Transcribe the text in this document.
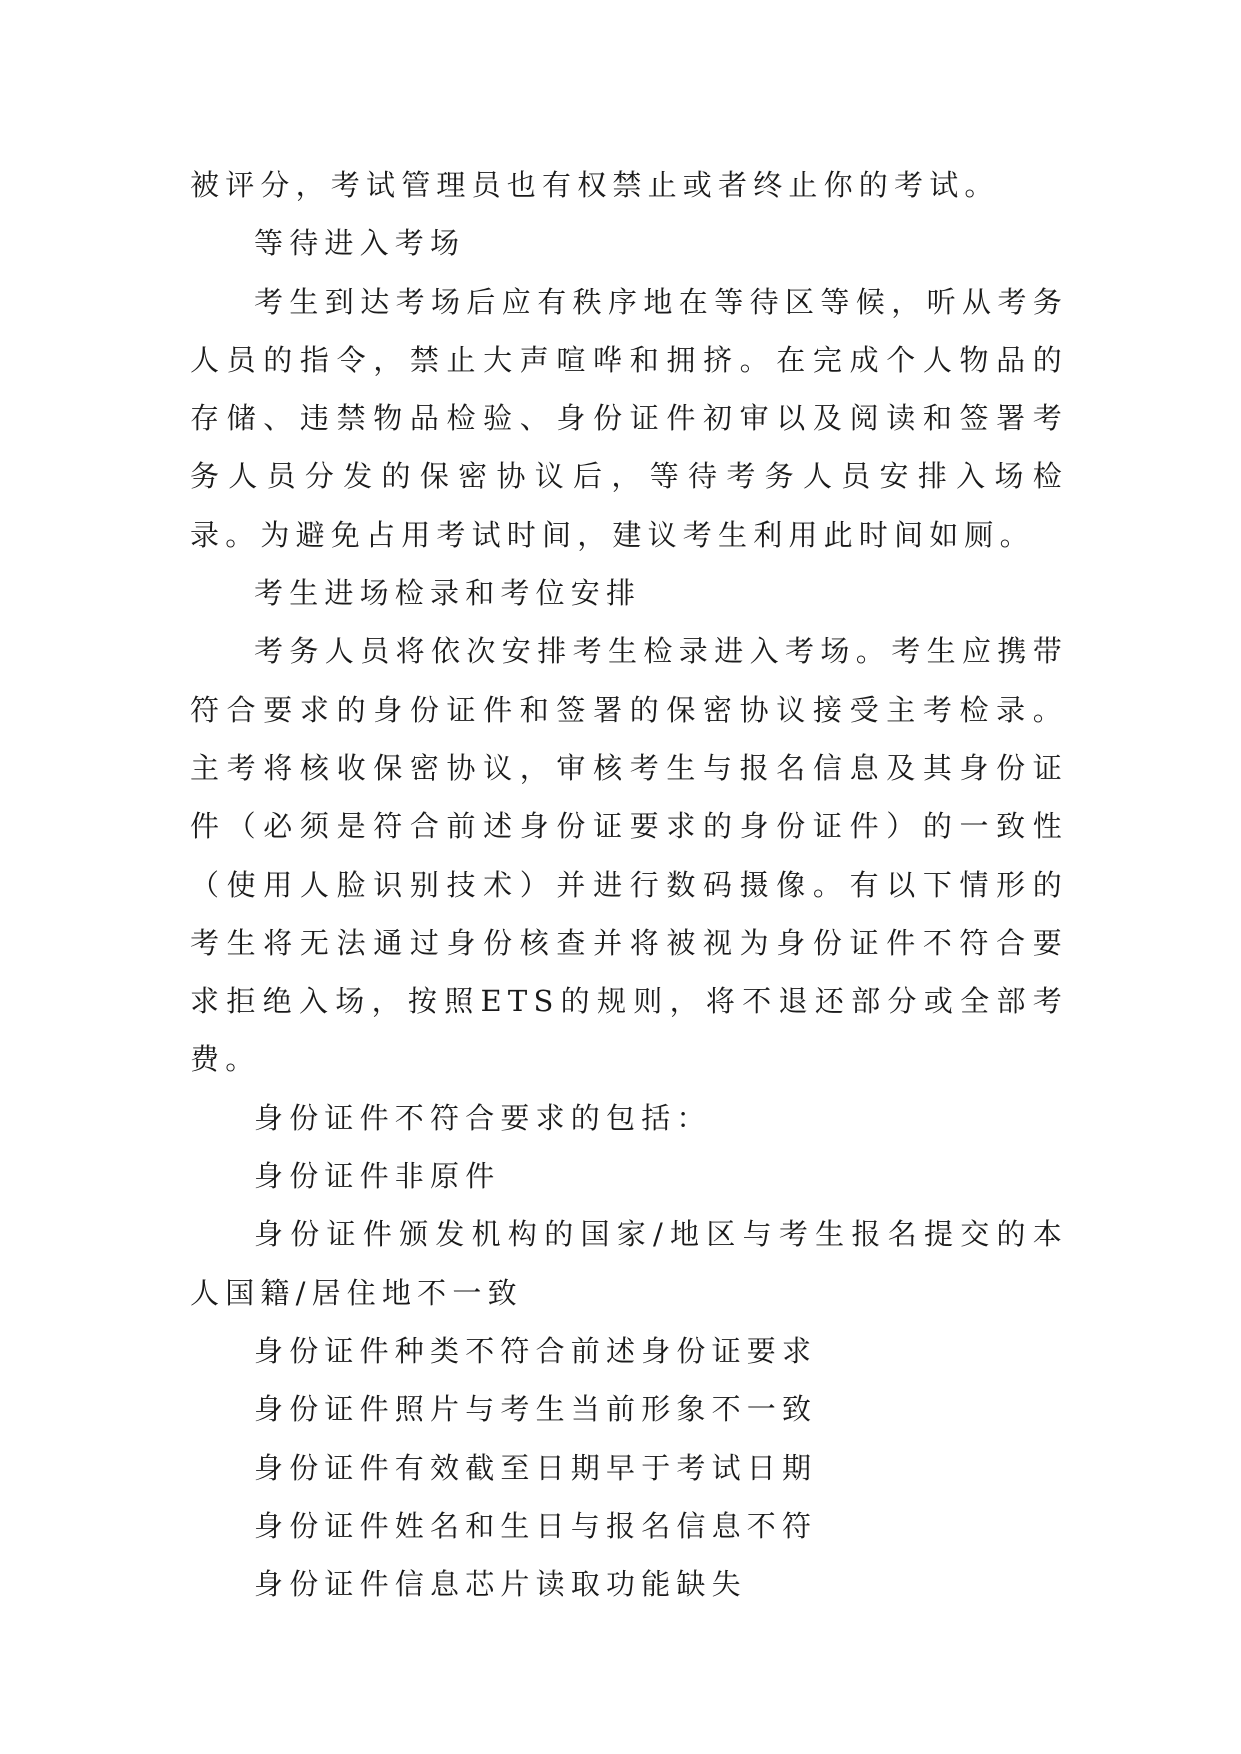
被评分，考试管理员也有权禁止或者终止你的考试。

等待进入考场

考生到达考场后应有秩序地在等待区等候，听从考务人员的指令，禁止大声喧哗和拥挤。在完成个人物品的存储、违禁物品检验、身份证件初审以及阅读和签署考务人员分发的保密协议后，等待考务人员安排入场检录。为避免占用考试时间，建议考生利用此时间如厕。

考生进场检录和考位安排

考务人员将依次安排考生检录进入考场。考生应携带符合要求的身份证件和签署的保密协议接受主考检录。主考将核收保密协议，审核考生与报名信息及其身份证件（必须是符合前述身份证要求的身份证件）的一致性（使用人脸识别技术）并进行数码摄像。有以下情形的考生将无法通过身份核查并将被视为身份证件不符合要求拒绝入场，按照ETS的规则，将不退还部分或全部考费。

身份证件不符合要求的包括：

身份证件非原件

身份证件颁发机构的国家/地区与考生报名提交的本人国籍/居住地不一致

身份证件种类不符合前述身份证要求

身份证件照片与考生当前形象不一致

身份证件有效截至日期早于考试日期

身份证件姓名和生日与报名信息不符

身份证件信息芯片读取功能缺失
